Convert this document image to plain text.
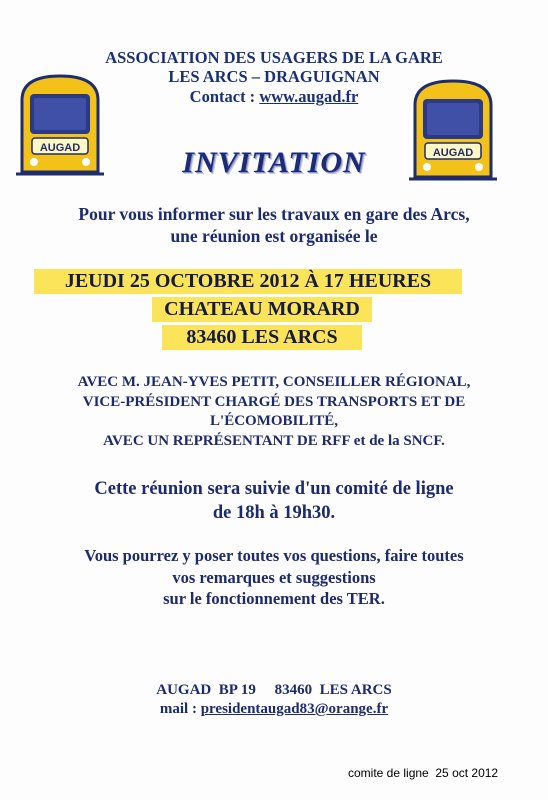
ASSOCIATION DES USAGERS DE LA GARE
LES ARCS – DRAGUIGNAN
Contact : www.augad.fr
AUGAD	AUGAD
INVITATION
Pour vous informer sur les travaux en gare des Arcs,
une réunion est organisée le
JEUDI 25 OCTOBRE 2012 À 17 HEURES
CHATEAU MORARD
83460 LES ARCS
AVEC M. JEAN-YVES PETIT, CONSEILLER RÉGIONAL,
VICE-PRÉSIDENT CHARGÉ DES TRANSPORTS ET DE
L'ÉCOMOBILITÉ,
AVEC UN REPRÉSENTANT DE RFF et de la SNCF.
Cette réunion sera suivie d'un comité de ligne
de 18h à 19h30.
Vous pourrez y poser toutes vos questions, faire toutes
vos remarques et suggestions
sur le fonctionnement des TER.
AUGAD  BP 19     83460  LES ARCS
mail : presidentaugad83@orange.fr
comite de ligne  25 oct 2012
